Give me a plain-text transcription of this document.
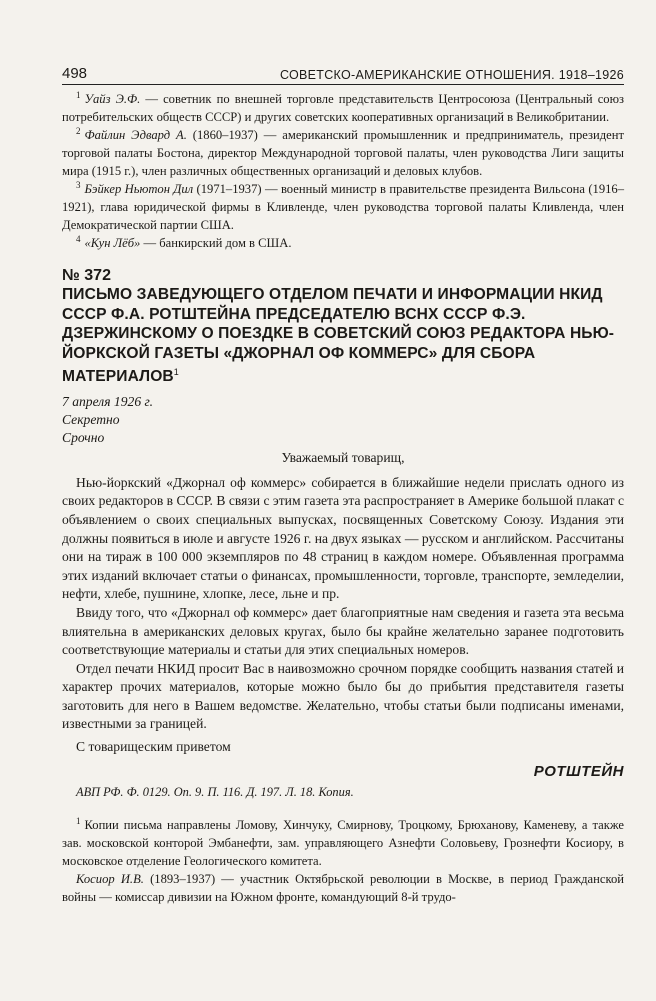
498	СОВЕТСКО-АМЕРИКАНСКИЕ ОТНОШЕНИЯ. 1918–1926

$^1$ Уайз Э.Ф. — советник по внешней торговле представительств Центросоюза (Центральный союз потребительских обществ СССР) и других советских кооперативных организаций в Великобритании.

$^2$ Файлин Эдвард А. (1860–1937) — американский промышленник и предприниматель, президент торговой палаты Бостона, директор Международной торговой палаты, член руководства Лиги защиты мира (1915 г.), член различных общественных организаций и деловых клубов.

$^3$ Бэйкер Ньютон Дил (1971–1937) — военный министр в правительстве президента Вильсона (1916–1921), глава юридической фирмы в Кливленде, член руководства торговой палаты Кливленда, член Демократической партии США.

$^4$ «Кун Лёб» — банкирский дом в США.

№ 372

ПИСЬМО ЗАВЕДУЮЩЕГО ОТДЕЛОМ ПЕЧАТИ И ИНФОРМАЦИИ НКИД СССР Ф.А. РОТШТЕЙНА ПРЕДСЕДАТЕЛЮ ВСНХ СССР Ф.Э. ДЗЕРЖИНСКОМУ О ПОЕЗДКЕ В СОВЕТСКИЙ СОЮЗ РЕДАКТОРА НЬЮ-ЙОРКСКОЙ ГАЗЕТЫ «ДЖОРНАЛ ОФ КОММЕРС» ДЛЯ СБОРА МАТЕРИАЛОВ$^1$

7 апреля 1926 г.
Секретно
Срочно
Уважаемый товарищ,

Нью-йоркский «Джорнал оф коммерс» собирается в ближайшие недели прислать одного из своих редакторов в СССР. В связи с этим газета эта распространяет в Америке большой плакат с объявлением о своих специальных выпусках, посвященных Советскому Союзу. Издания эти должны появиться в июле и августе 1926 г. на двух языках — русском и английском. Рассчитаны они на тираж в 100 000 экземпляров по 48 страниц в каждом номере. Объявленная программа этих изданий включает статьи о финансах, промышленности, торговле, транспорте, земледелии, нефти, хлебе, пушнине, хлопке, лесе, льне и пр.

Ввиду того, что «Джорнал оф коммерс» дает благоприятные нам сведения и газета эта весьма влиятельна в американских деловых кругах, было бы крайне желательно заранее подготовить соответствующие материалы и статьи для этих специальных номеров.

Отдел печати НКИД просит Вас в наивозможно срочном порядке сообщить названия статей и характер прочих материалов, которые можно было бы до прибытия представителя газеты заготовить для него в Вашем ведомстве. Желательно, чтобы статьи были подписаны именами, известными за границей.

С товарищеским приветом

РОТШТЕЙН
АВП РФ. Ф. 0129. Оп. 9. П. 116. Д. 197. Л. 18. Копия.

$^1$ Копии письма направлены Ломову, Хинчуку, Смирнову, Троцкому, Брюханову, Каменеву, а также зав. московской конторой Эмбанефти, зам. управляющего Азнефти Соловьеву, Грознефти Косиору, в московское отделение Геологического комитета.

Косиор И.В. (1893–1937) — участник Октябрьской революции в Москве, в период Гражданской войны — комиссар дивизии на Южном фронте, командующий 8-й трудо-
